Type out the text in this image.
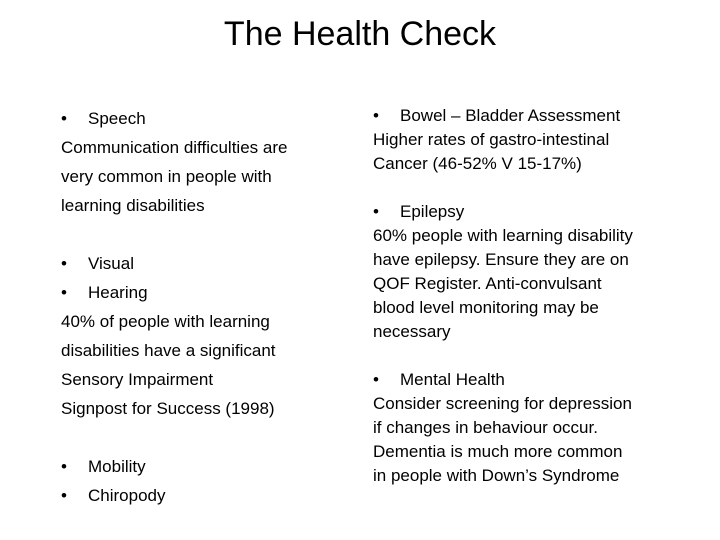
The Health Check
•	Speech
Communication difficulties are
very common in people with
learning disabilities
•	Visual
•	Hearing
40% of people with learning
disabilities have a significant
Sensory Impairment
Signpost for Success (1998)
•	Mobility
•	Chiropody
•	Bowel – Bladder Assessment
Higher rates of gastro-intestinal
Cancer (46-52% V 15-17%)
•	Epilepsy
60% people with learning disability
have epilepsy. Ensure they are on
QOF Register. Anti-convulsant
blood level monitoring may be
necessary
•	Mental Health
Consider screening for depression
if changes in behaviour occur.
Dementia is much more common
in people with Down’s Syndrome
